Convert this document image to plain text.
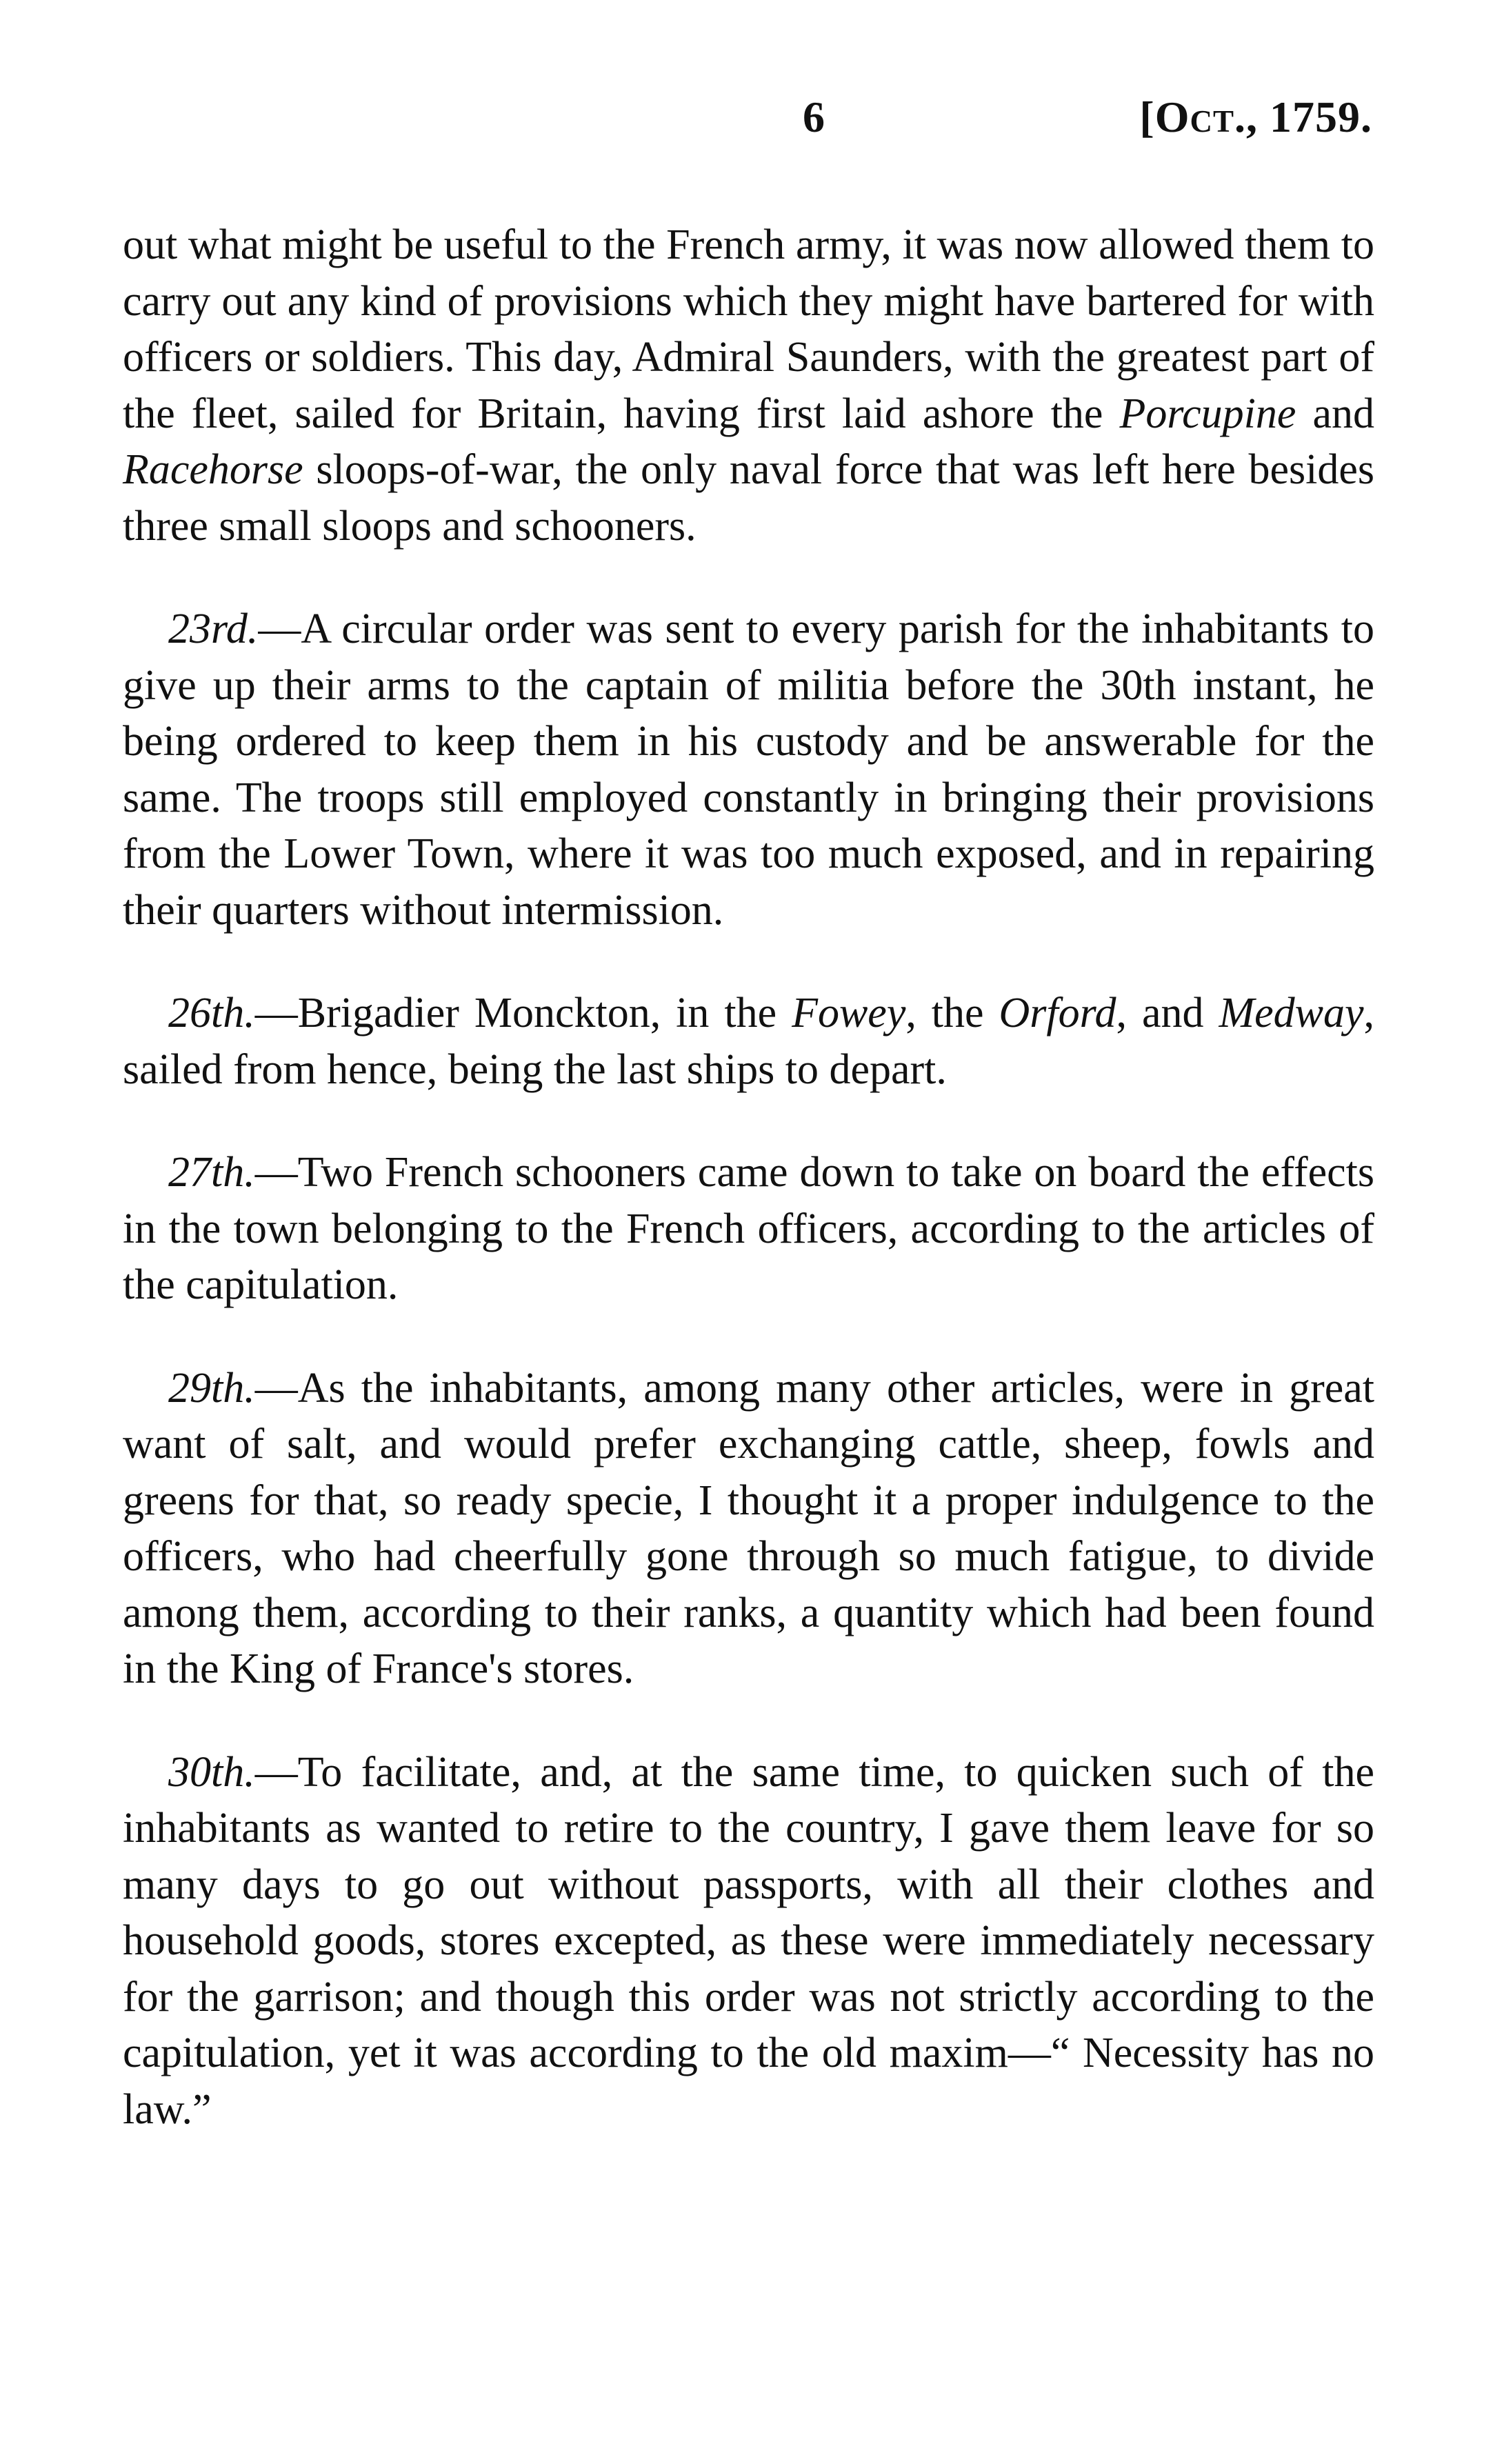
6	[Oct., 1759.

out what might be useful to the French army, it was now allowed them to carry out any kind of provisions which they might have bartered for with officers or soldiers. This day, Admiral Saunders, with the greatest part of the fleet, sailed for Britain, having first laid ashore the Porcupine and Racehorse sloops-of-war, the only naval force that was left here besides three small sloops and schooners.

23rd.—A circular order was sent to every parish for the inhabitants to give up their arms to the captain of militia before the 30th instant, he being ordered to keep them in his custody and be answerable for the same. The troops still employed constantly in bringing their provisions from the Lower Town, where it was too much exposed, and in repairing their quarters without intermission.

26th.—Brigadier Monckton, in the Fowey, the Orford, and Medway, sailed from hence, being the last ships to depart.

27th.—Two French schooners came down to take on board the effects in the town belonging to the French officers, according to the articles of the capitulation.

29th.—As the inhabitants, among many other articles, were in great want of salt, and would prefer exchanging cattle, sheep, fowls and greens for that, so ready specie, I thought it a proper indulgence to the officers, who had cheerfully gone through so much fatigue, to divide among them, according to their ranks, a quantity which had been found in the King of France's stores.

30th.—To facilitate, and, at the same time, to quicken such of the inhabitants as wanted to retire to the country, I gave them leave for so many days to go out without passports, with all their clothes and household goods, stores excepted, as these were immediately necessary for the garrison; and though this order was not strictly according to the capitulation, yet it was according to the old maxim—“ Necessity has no law.”
